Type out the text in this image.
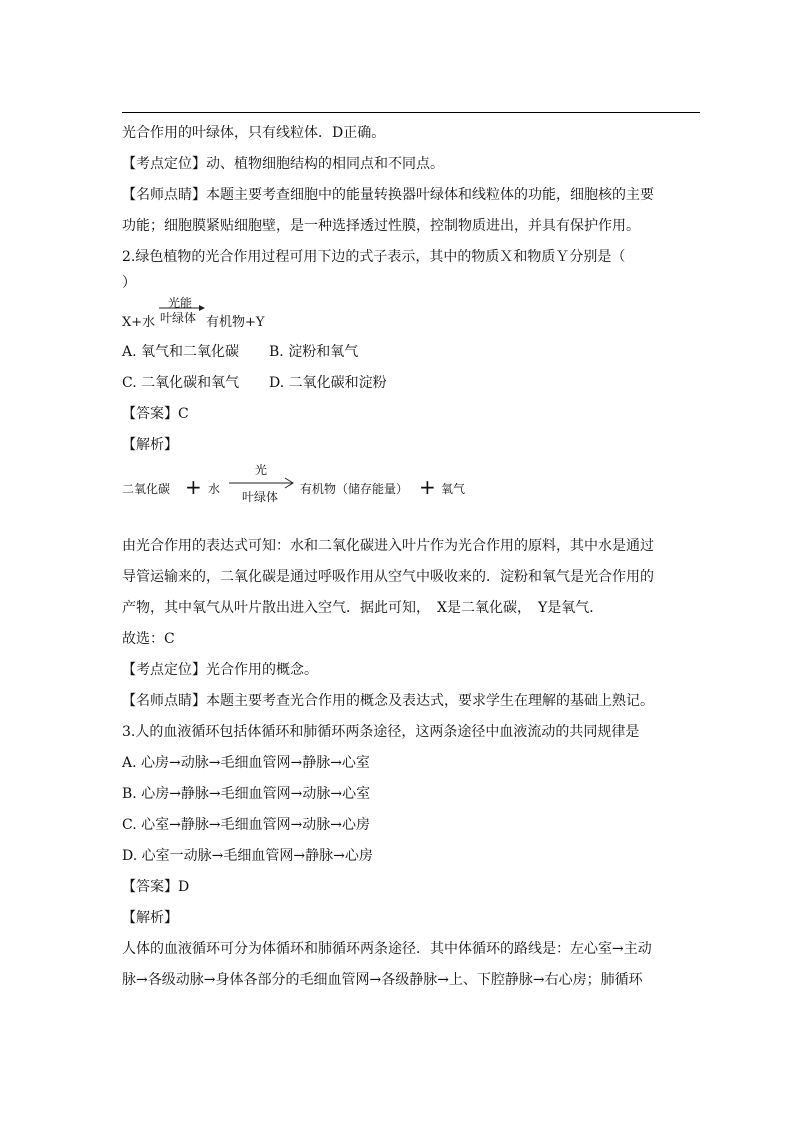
光合作用的叶绿体，只有线粒体．D正确。
【考点定位】动、植物细胞结构的相同点和不同点。
【名师点睛】本题主要考查细胞中的能量转换器叶绿体和线粒体的功能，细胞核的主要
功能；细胞膜紧贴细胞壁，是一种选择透过性膜，控制物质进出，并具有保护作用。
2.绿色植物的光合作用过程可用下边的式子表示，其中的物质Ｘ和物质Ｙ分别是（
）
X+水
光能
叶绿体 有机物+Y
A. 氧气和二氧化碳	B. 淀粉和氧气
C. 二氧化碳和氧气	D. 二氧化碳和淀粉
【答案】C
【解析】
二氧化碳 + 水
光
叶绿体
有机物（储存能量） + 氧气
由光合作用的表达式可知：水和二氧化碳进入叶片作为光合作用的原料，其中水是通过
导管运输来的，二氧化碳是通过呼吸作用从空气中吸收来的．淀粉和氧气是光合作用的
产物，其中氧气从叶片散出进入空气．据此可知，　X是二氧化碳，　Y是氧气．
故选：C
【考点定位】光合作用的概念。
【名师点睛】本题主要考查光合作用的概念及表达式，要求学生在理解的基础上熟记。
3.人的血液循环包括体循环和肺循环两条途径，这两条途径中血液流动的共同规律是
A. 心房→动脉→毛细血管网→静脉→心室
B. 心房→静脉→毛细血管网→动脉→心室
C. 心室→静脉→毛细血管网→动脉→心房
D. 心室一动脉→毛细血管网→静脉→心房
【答案】D
【解析】
人体的血液循环可分为体循环和肺循环两条途径．其中体循环的路线是：左心室→主动
脉→各级动脉→身体各部分的毛细血管网→各级静脉→上、下腔静脉→右心房；肺循环
